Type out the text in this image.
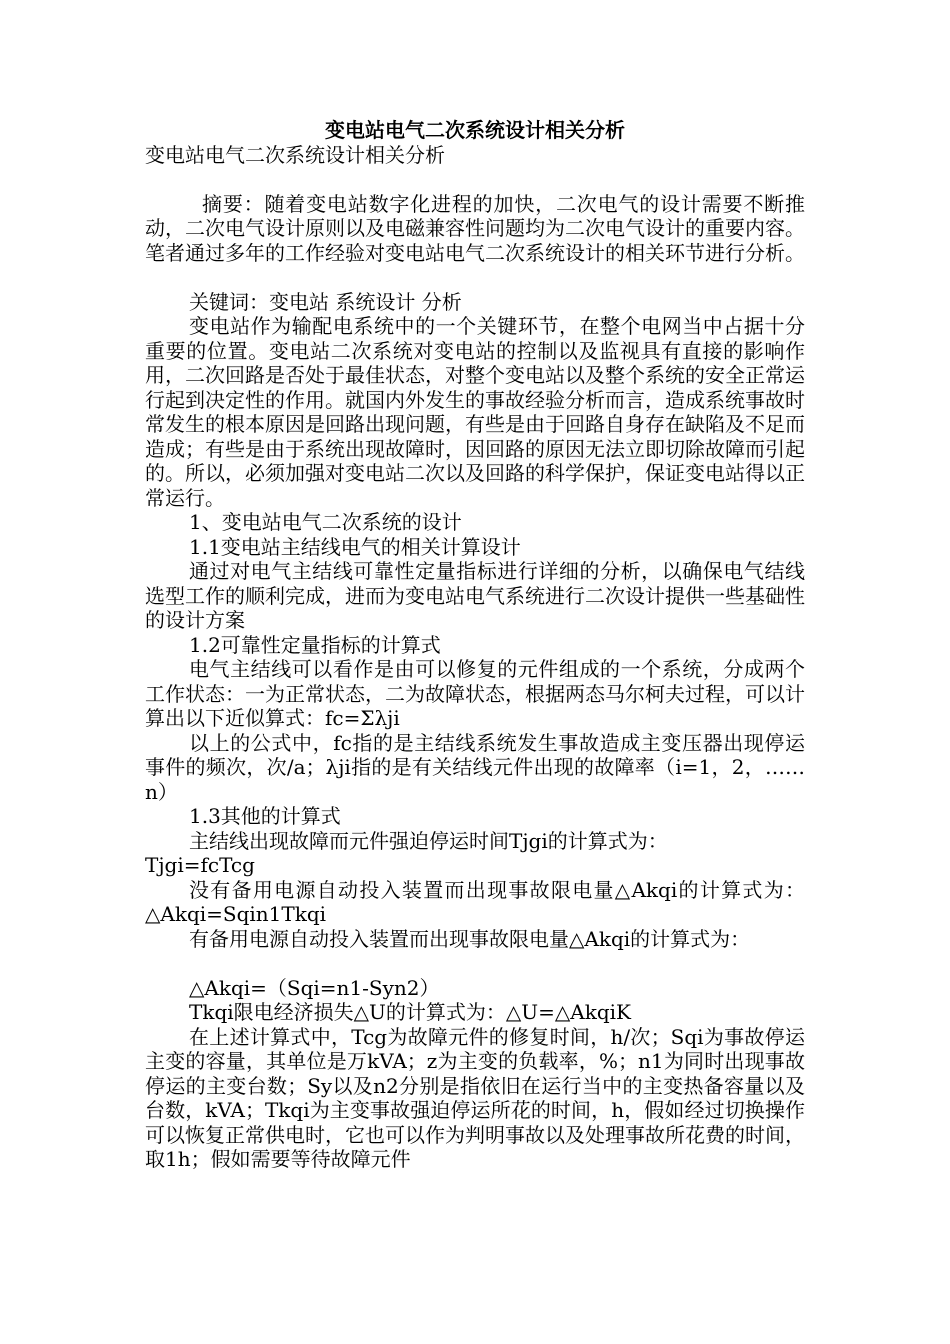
变电站电气二次系统设计相关分析

变电站电气二次系统设计相关分析

摘要：随着变电站数字化进程的加快，二次电气的设计需要不断推动，二次电气设计原则以及电磁兼容性问题均为二次电气设计的重要内容。笔者通过多年的工作经验对变电站电气二次系统设计的相关环节进行分析。

关键词：变电站 系统设计 分析

变电站作为输配电系统中的一个关键环节，在整个电网当中占据十分重要的位置。变电站二次系统对变电站的控制以及监视具有直接的影响作用，二次回路是否处于最佳状态，对整个变电站以及整个系统的安全正常运行起到决定性的作用。就国内外发生的事故经验分析而言，造成系统事故时常发生的根本原因是回路出现问题，有些是由于回路自身存在缺陷及不足而造成；有些是由于系统出现故障时，因回路的原因无法立即切除故障而引起的。所以，必须加强对变电站二次以及回路的科学保护，保证变电站得以正常运行。

1、变电站电气二次系统的设计

1.1变电站主结线电气的相关计算设计

通过对电气主结线可靠性定量指标进行详细的分析，以确保电气结线选型工作的顺利完成，进而为变电站电气系统进行二次设计提供一些基础性的设计方案

1.2可靠性定量指标的计算式

电气主结线可以看作是由可以修复的元件组成的一个系统，分成两个工作状态：一为正常状态，二为故障状态，根据两态马尔柯夫过程，可以计算出以下近似算式：fc=Σλji

以上的公式中，fc指的是主结线系统发生事故造成主变压器出现停运事件的频次，次/a；λji指的是有关结线元件出现的故障率（i=1，2，……n）

1.3其他的计算式

主结线出现故障而元件强迫停运时间Tjgi的计算式为：

Tjgi=fcTcg

没有备用电源自动投入装置而出现事故限电量△Akqi的计算式为：△Akqi=Sqin1Tkqi

有备用电源自动投入装置而出现事故限电量△Akqi的计算式为：

△Akqi=（Sqi=n1-Syn2）

Tkqi限电经济损失△U的计算式为：△U=△AkqiK

在上述计算式中，Tcg为故障元件的修复时间，h/次；Sqi为事故停运主变的容量，其单位是万kVA；z为主变的负载率，%；n1为同时出现事故停运的主变台数；Sy以及n2分别是指依旧在运行当中的主变热备容量以及台数，kVA；Tkqi为主变事故强迫停运所花的时间，h，假如经过切换操作可以恢复正常供电时，它也可以作为判明事故以及处理事故所花费的时间，取1h；假如需要等待故障元件
